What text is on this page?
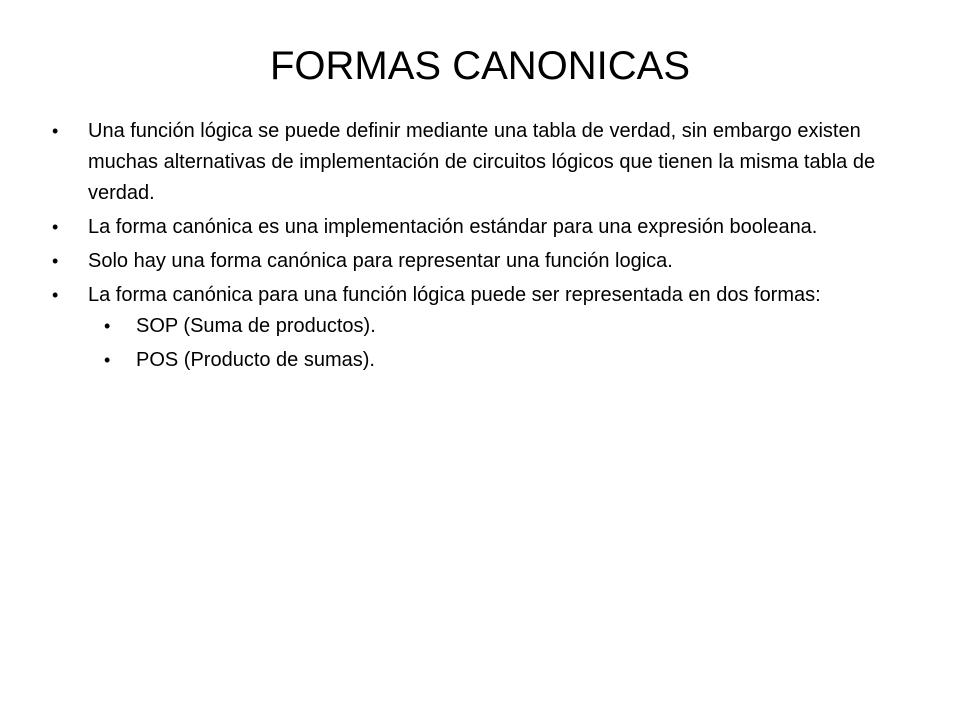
FORMAS CANONICAS
• Una función lógica se puede definir mediante una tabla de verdad, sin embargo existen muchas alternativas de implementación de circuitos lógicos que tienen la misma tabla de verdad.
• La forma canónica es una implementación estándar para una expresión booleana.
• Solo hay una forma canónica para representar una función logica.
• La forma canónica para una función lógica puede ser representada en dos formas:
• SOP (Suma de productos).
• POS (Producto de sumas).
